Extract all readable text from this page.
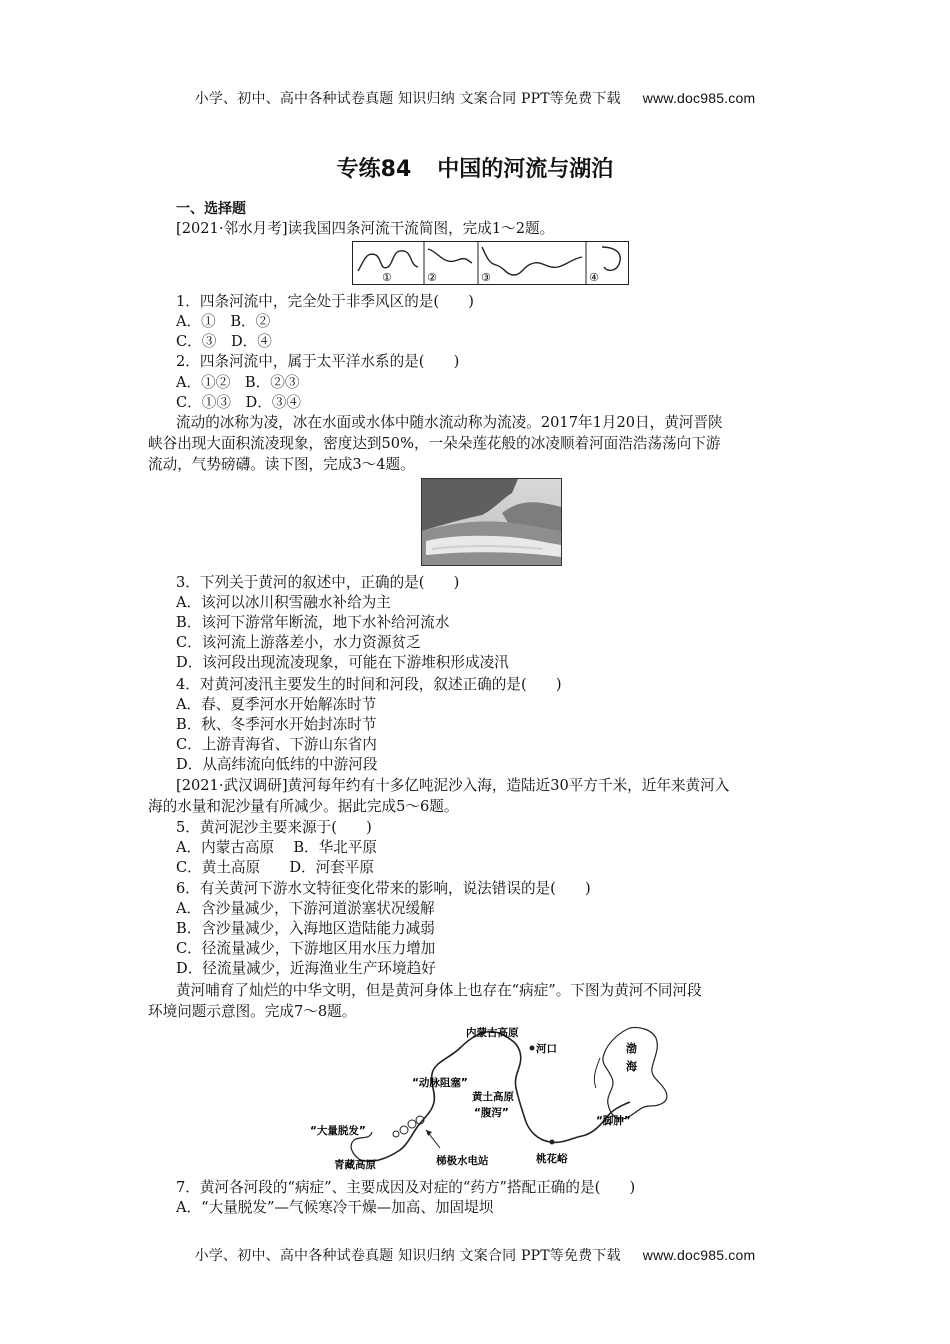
小学、初中、高中各种试卷真题 知识归纳 文案合同 PPT等免费下载 www.doc985.com
专练84 中国的河流与湖泊
一、选择题
[2021·邻水月考]读我国四条河流干流简图，完成1～2题。
①	②	③	④
1．四条河流中，完全处于非季风区的是(　　)
A．①　B．②
C．③　D．④
2．四条河流中，属于太平洋水系的是(　　)
A．①②　B．②③
C．①③　D．③④
流动的冰称为凌，冰在水面或水体中随水流动称为流凌。2017年1月20日，黄河晋陕
峡谷出现大面积流凌现象，密度达到50%，一朵朵莲花般的冰凌顺着河面浩浩荡荡向下游
流动，气势磅礴。读下图，完成3～4题。
3．下列关于黄河的叙述中，正确的是(　　)
A．该河以冰川积雪融水补给为主
B．该河下游常年断流，地下水补给河流水
C．该河流上游落差小，水力资源贫乏
D．该河段出现流凌现象，可能在下游堆积形成凌汛
4．对黄河凌汛主要发生的时间和河段，叙述正确的是(　　)
A．春、夏季河水开始解冻时节
B．秋、冬季河水开始封冻时节
C．上游青海省、下游山东省内
D．从高纬流向低纬的中游河段
[2021·武汉调研]黄河每年约有十多亿吨泥沙入海，造陆近30平方千米，近年来黄河入
海的水量和泥沙量有所减少。据此完成5～6题。
5．黄河泥沙主要来源于(　　)
A．内蒙古高原　 B．华北平原
C．黄土高原　　D．河套平原
6．有关黄河下游水文特征变化带来的影响，说法错误的是(　　)
A．含沙量减少，下游河道淤塞状况缓解
B．含沙量减少，入海地区造陆能力减弱
C．径流量减少，下游地区用水压力增加
D．径流量减少，近海渔业生产环境趋好
黄河哺育了灿烂的中华文明，但是黄河身体上也存在“病症”。下图为黄河不同河段
环境问题示意图。完成7～8题。
内蒙古高原
河口	渤
海
“动脉阻塞”
黄土高原
“腹泻”
“脚肿”
“大量脱发”
青藏高原	梯极水电站	桃花峪
7．黄河各河段的“病症”、主要成因及对症的“药方”搭配正确的是(　　)
A．“大量脱发”—气候寒冷干燥—加高、加固堤坝
小学、初中、高中各种试卷真题 知识归纳 文案合同 PPT等免费下载 www.doc985.com
